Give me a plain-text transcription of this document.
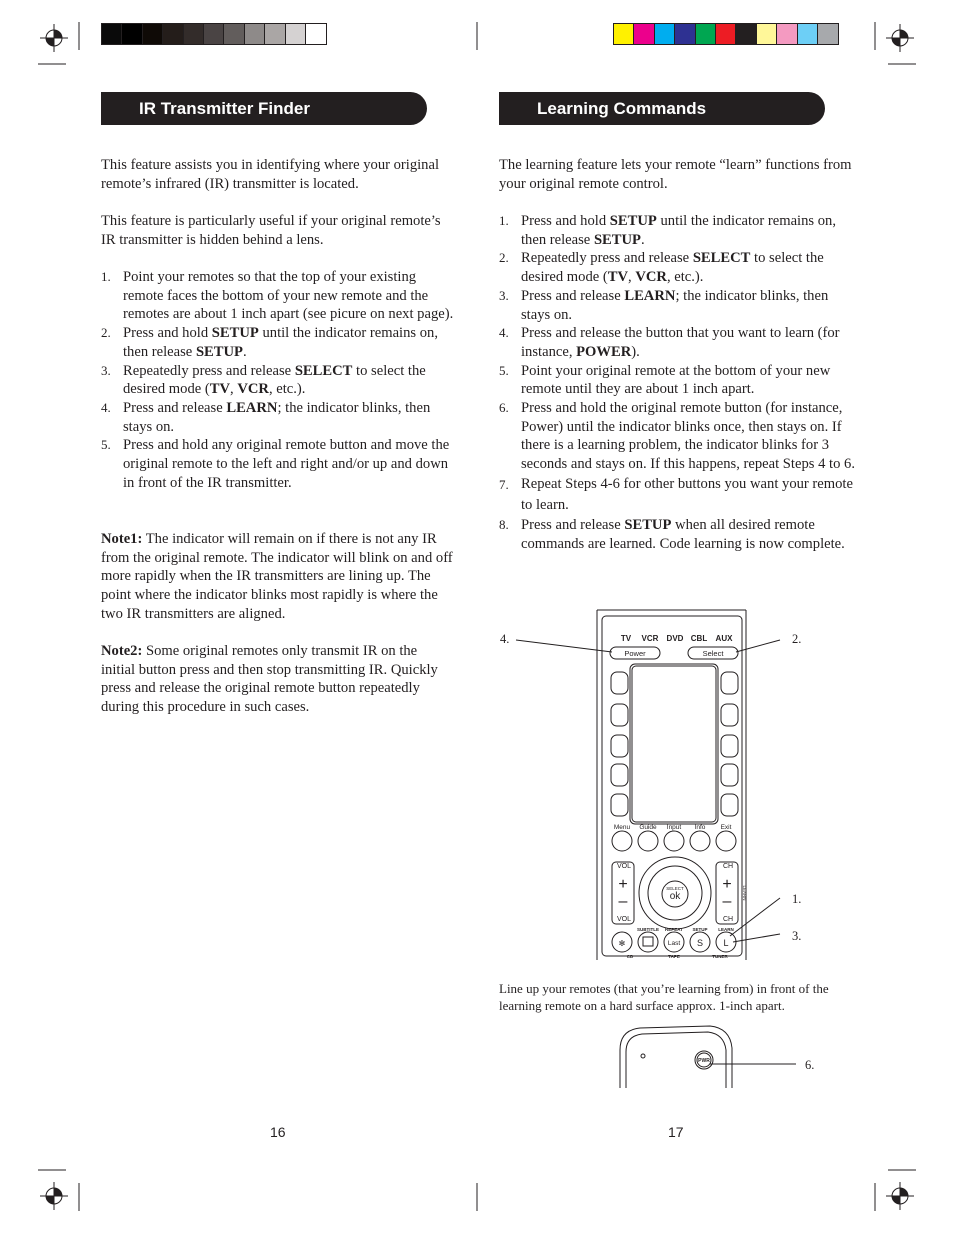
IR Transmitter Finder

This feature assists you in identifying where your original remote’s infrared (IR) transmitter is located.

This feature is particularly useful if your original remote’s IR transmitter is hidden behind a lens.

1. Point your remotes so that the top of your existing remote faces the bottom of your new remote and the remotes are about 1 inch apart (see picure on next page).
2. Press and hold SETUP until the indicator remains on, then release SETUP.
3. Repeatedly press and release SELECT to select the desired mode (TV, VCR, etc.).
4. Press and release LEARN; the indicator blinks, then stays on.
5. Press and hold any original remote button and move the original remote to the left and right and/or up and down in front of the IR transmitter.

Note1: The indicator will remain on if there is not any IR from the original remote. The indicator will blink on and off more rapidly when the IR transmitters are lining up. The point where the indicator blinks most rapidly is where the two IR transmitters are aligned.

Note2: Some original remotes only transmit IR on the initial button press and then stop transmitting IR. Quickly press and release the original remote button repeatedly during this procedure in such cases.

16
Learning Commands

The learning feature lets your remote “learn” functions from your original remote control.

1. Press and hold SETUP until the indicator remains on, then release SETUP.
2. Repeatedly press and release SELECT to select the desired mode (TV, VCR, etc.).
3. Press and release LEARN; the indicator blinks, then stays on.
4. Press and release the button that you want to learn (for instance, POWER).
5. Point your original remote at the bottom of your new remote until they are about 1 inch apart.
6. Press and hold the original remote button (for instance, Power) until the indicator blinks once, then stays on. If there is a learning problem, the indicator blinks for 3 seconds and stays on. If this happens, repeat Steps 4 to 6.
7. Repeat Steps 4-6 for other buttons you want your remote to learn.
8. Press and release SETUP when all desired remote commands are learned. Code learning is now complete.
TV VCR DVD CBL AUX
Power	Select
Menu Guide Input Info Exit
VOL
VOL
CH
CH
+
–
+
–
SELECT
ok	LEARN
SUBTITLE REPEAT SETUP LEARN
Last S L
✻
CD	TAPE	TUNER
4.	2.
1.
3.

Line up your remotes (that you’re learning from) in front of the learning remote on a hard surface approx. 1-inch apart.

PWR	6.
17
